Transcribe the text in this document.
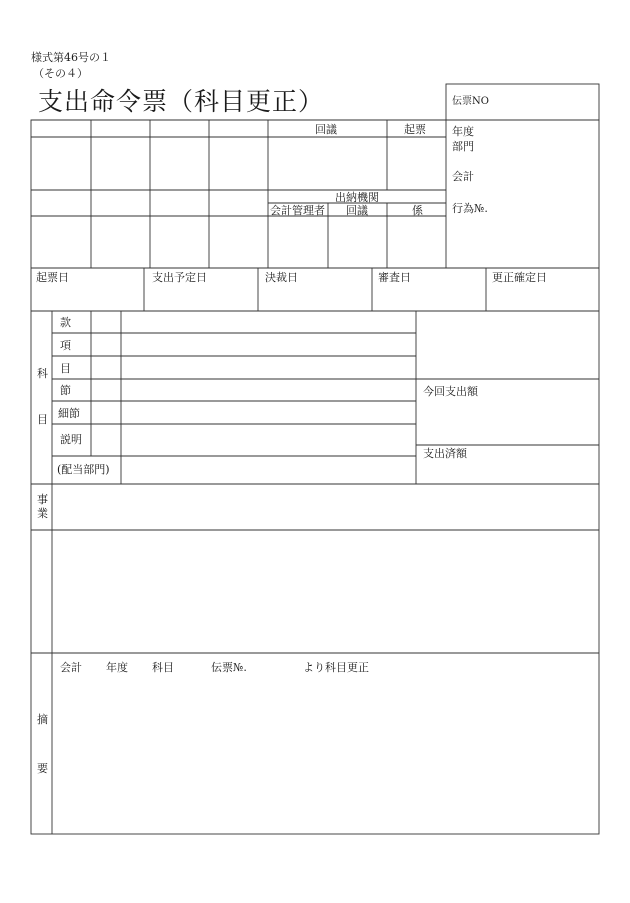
様式第46号の１
（その４）
支出命令票（科目更正）	伝票NO
年度
部門
会計
行為№.
回議	起票
出納機関
会計管理者 回議	係
起票日	支出予定日	決裁日	審査日	更正確定日
科
目
款
項
目
節
細節
説明
(配当部門)
今回支出額
支出済額
事
業
摘
要
会計 年度 科目	伝票№.	より科目更正
